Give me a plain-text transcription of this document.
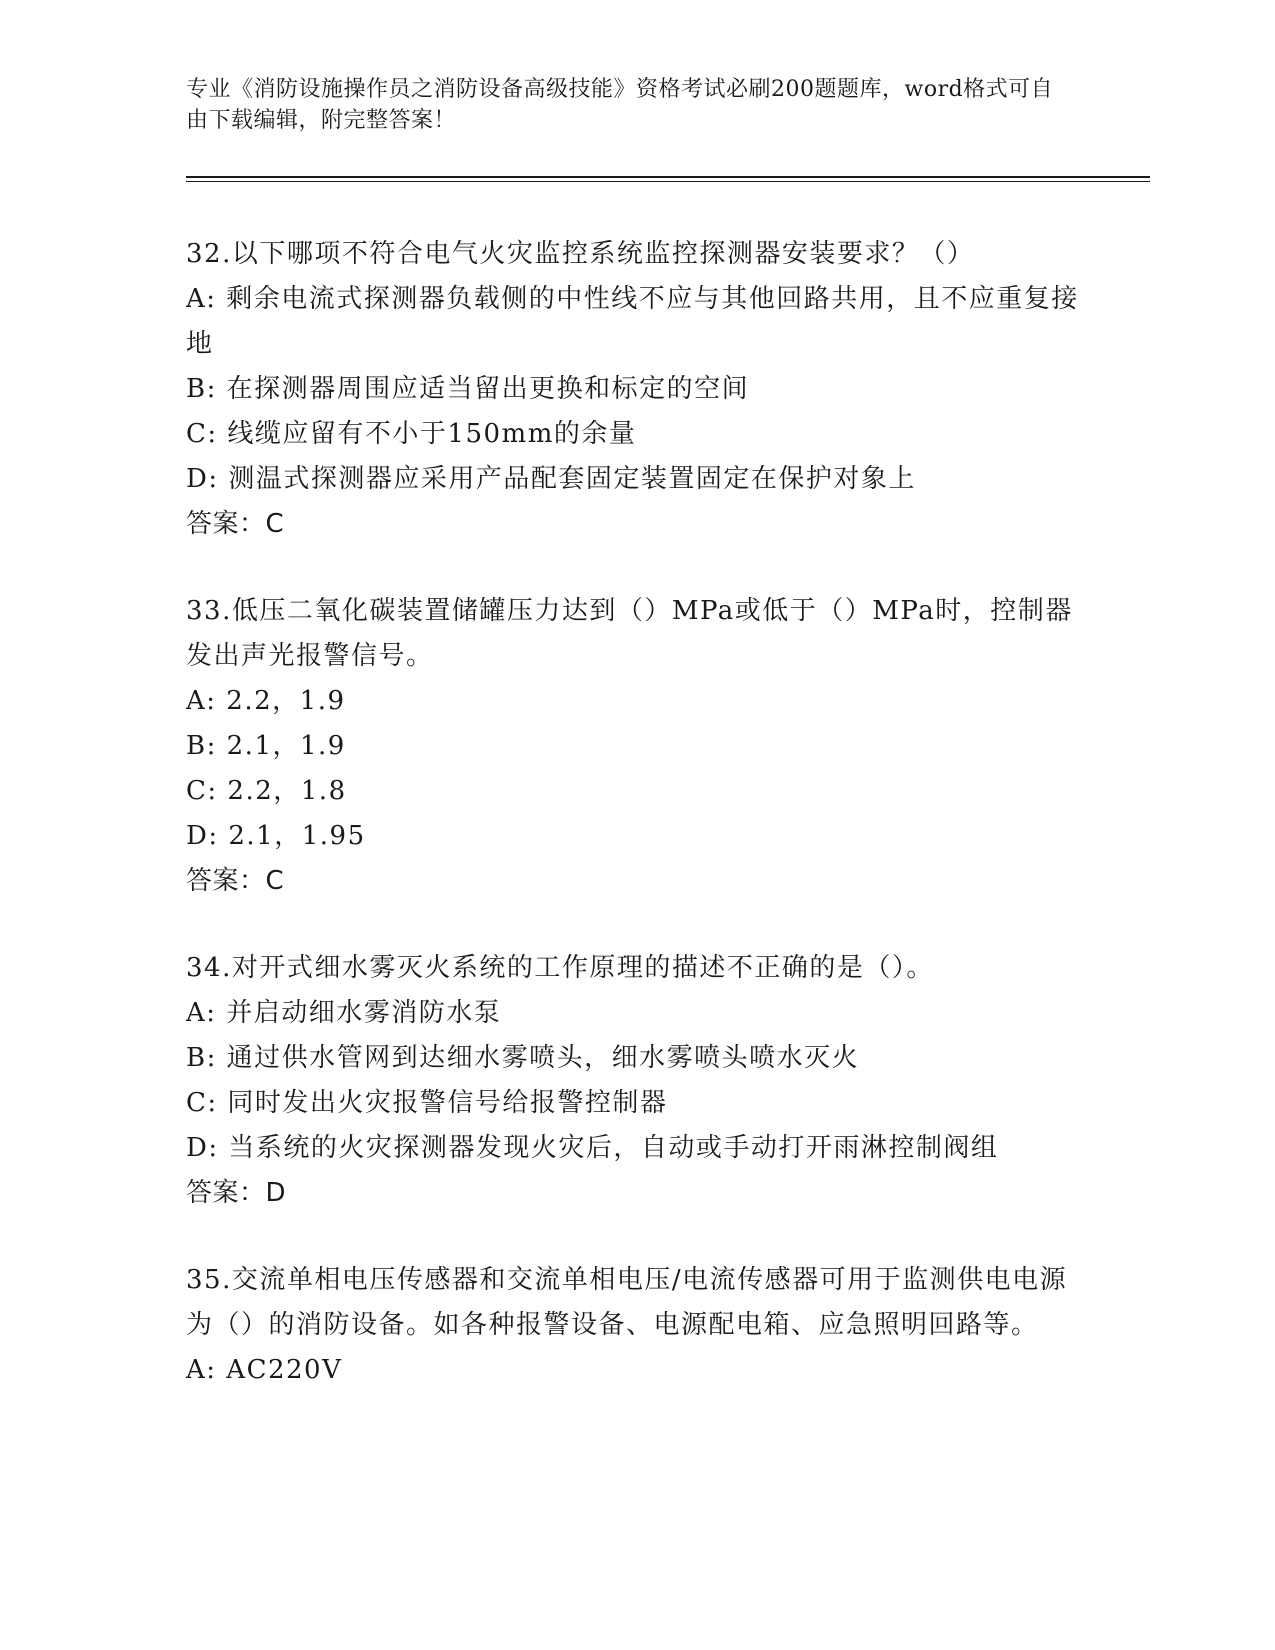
专业《消防设施操作员之消防设备高级技能》资格考试必刷200题题库，word格式可自由下载编辑，附完整答案！

32.以下哪项不符合电气火灾监控系统监控探测器安装要求？（）

A: 剩余电流式探测器负载侧的中性线不应与其他回路共用，且不应重复接地

B: 在探测器周围应适当留出更换和标定的空间

C: 线缆应留有不小于150mm的余量

D: 测温式探测器应采用产品配套固定装置固定在保护对象上

答案：C

33.低压二氧化碳装置储罐压力达到（）MPa或低于（）MPa时，控制器发出声光报警信号。

A: 2.2，1.9

B: 2.1，1.9

C: 2.2，1.8

D: 2.1，1.95

答案：C

34.对开式细水雾灭火系统的工作原理的描述不正确的是（）。

A: 并启动细水雾消防水泵

B: 通过供水管网到达细水雾喷头，细水雾喷头喷水灭火

C: 同时发出火灾报警信号给报警控制器

D: 当系统的火灾探测器发现火灾后，自动或手动打开雨淋控制阀组

答案：D

35.交流单相电压传感器和交流单相电压/电流传感器可用于监测供电电源为（）的消防设备。如各种报警设备、电源配电箱、应急照明回路等。

A: AC220V
